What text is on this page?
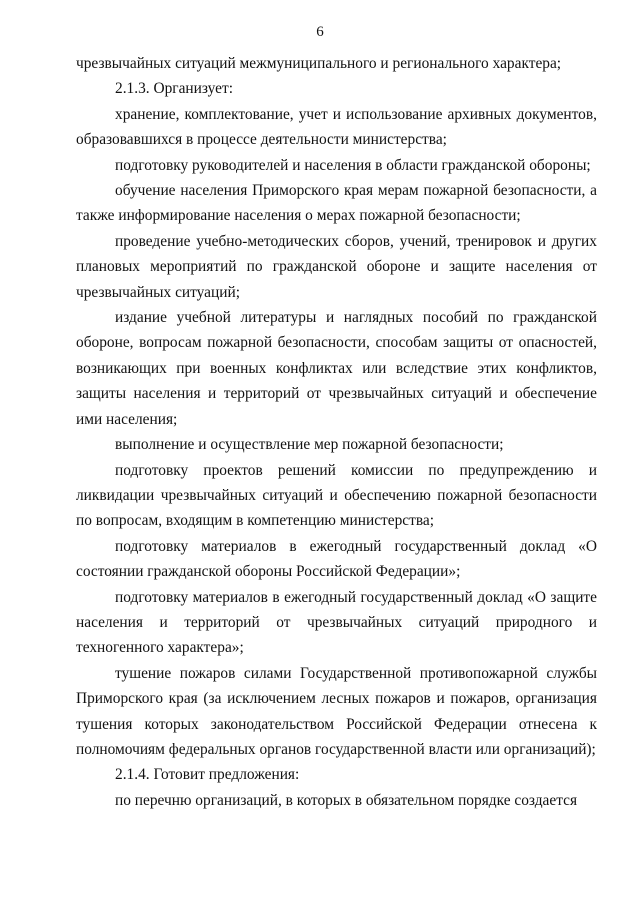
6

чрезвычайных ситуаций межмуниципального и регионального характера;

2.1.3. Организует:

хранение, комплектование, учет и использование архивных документов, образовавшихся в процессе деятельности министерства;

подготовку руководителей и населения в области гражданской обороны;

обучение населения Приморского края мерам пожарной безопасности, а также информирование населения о мерах пожарной безопасности;

проведение учебно-методических сборов, учений, тренировок и других плановых мероприятий по гражданской обороне и защите населения от чрезвычайных ситуаций;

издание учебной литературы и наглядных пособий по гражданской обороне, вопросам пожарной безопасности, способам защиты от опасностей, возникающих при военных конфликтах или вследствие этих конфликтов, защиты населения и территорий от чрезвычайных ситуаций и обеспечение ими населения;

выполнение и осуществление мер пожарной безопасности;

подготовку проектов решений комиссии по предупреждению и ликвидации чрезвычайных ситуаций и обеспечению пожарной безопасности по вопросам, входящим в компетенцию министерства;

подготовку материалов в ежегодный государственный доклад «О состоянии гражданской обороны Российской Федерации»;

подготовку материалов в ежегодный государственный доклад «О защите населения и территорий от чрезвычайных ситуаций природного и техногенного характера»;

тушение пожаров силами Государственной противопожарной службы Приморского края (за исключением лесных пожаров и пожаров, организация тушения которых законодательством Российской Федерации отнесена к полномочиям федеральных органов государственной власти или организаций);

2.1.4. Готовит предложения:

по перечню организаций, в которых в обязательном порядке создается
